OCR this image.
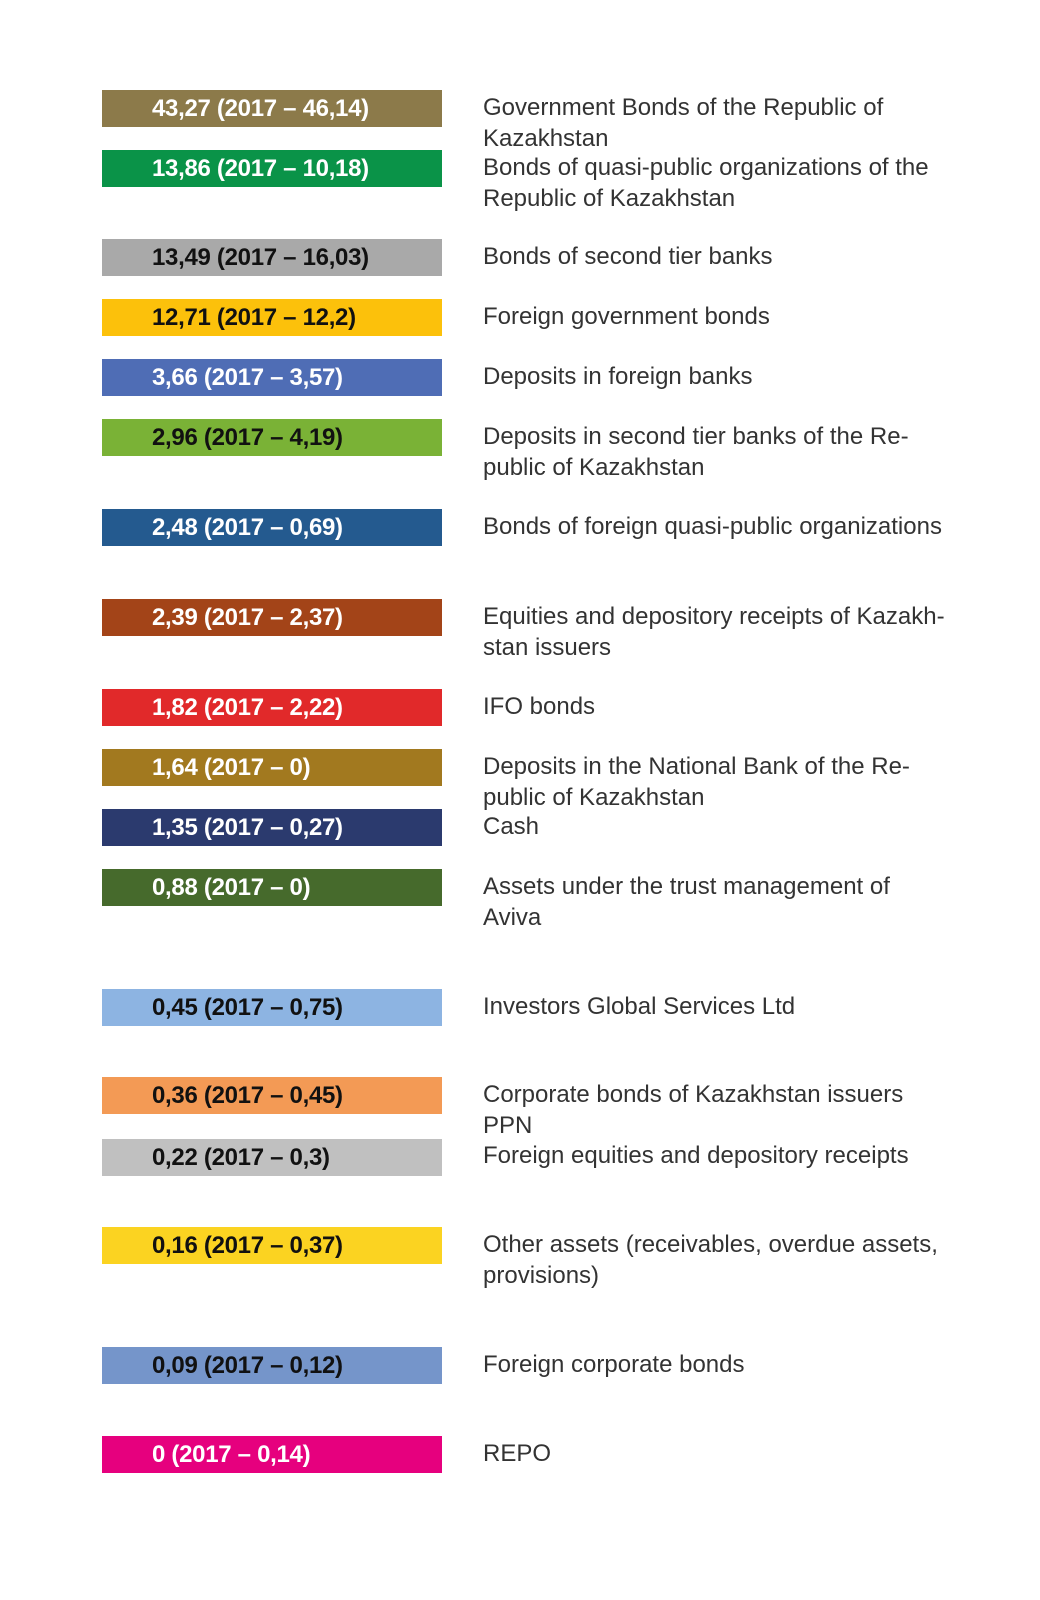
43,27 (2017 – 46,14)	Government Bonds of the Republic of
Kazakhstan
13,86 (2017 – 10,18)	Bonds of quasi-public organizations of the
Republic of Kazakhstan
13,49 (2017 – 16,03)	Bonds of second tier banks
12,71 (2017 – 12,2)	Foreign government bonds
3,66 (2017 – 3,57)	Deposits in foreign banks
2,96 (2017 – 4,19)	Deposits in second tier banks of the Re-
public of Kazakhstan
2,48 (2017 – 0,69)	Bonds of foreign quasi-public organizations
2,39 (2017 – 2,37)	Equities and depository receipts of Kazakh-
stan issuers
1,82 (2017 – 2,22)	IFO bonds
1,64 (2017 – 0)	Deposits in the National Bank of the Re-
public of Kazakhstan
1,35 (2017 – 0,27)	Cash
0,88 (2017 – 0)	Assets under the trust management of
Aviva
0,45 (2017 – 0,75)	Investors Global Services Ltd
0,36 (2017 – 0,45)	Corporate bonds of Kazakhstan issuers
PPN
0,22 (2017 – 0,3)	Foreign equities and depository receipts
0,16 (2017 – 0,37)	Other assets (receivables, overdue assets,
provisions)
0,09 (2017 – 0,12)	Foreign corporate bonds
0 (2017 – 0,14)	REPO
